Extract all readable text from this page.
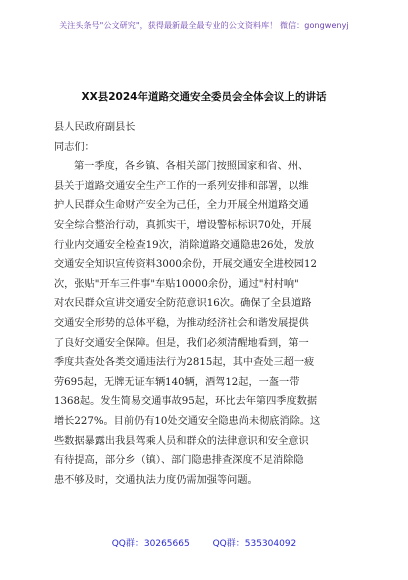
关注头条号"公文研究"，获得最新最全最专业的公文资料库！ 微信：gongwenyj
XX县2024年道路交通安全委员会全体会议上的讲话
县人民政府副县长
同志们：
第一季度，各乡镇、各相关部门按照国家和省、州、
县关于道路交通安全生产工作的一系列安排和部署，以维
护人民群众生命财产安全为己任，全力开展全州道路交通
安全综合整治行动，真抓实干，增设警标标识70处，开展
行业内交通安全检查19次，消除道路交通隐患26处，发放
交通安全知识宣传资料3000余份，开展交通安全进校园12
次，张贴"开车三件事"车贴10000余份，通过"村村响"
对农民群众宣讲交通安全防范意识16次。确保了全县道路
交通安全形势的总体平稳，为推动经济社会和谐发展提供
了良好交通安全保障。但是，我们必须清醒地看到，第一
季度共查处各类交通违法行为2815起，其中查处三超一疲
劳695起，无牌无证车辆140辆，酒驾12起，一盔一带
1368起。发生简易交通事故95起，环比去年第四季度数据
增长227%。目前仍有10处交通安全隐患尚未彻底消除。这
些数据暴露出我县驾乘人员和群众的法律意识和安全意识
有待提高，部分乡（镇）、部门隐患排查深度不足消除隐
患不够及时，交通执法力度仍需加强等问题。
QQ群：30265665	QQ群：535304092
